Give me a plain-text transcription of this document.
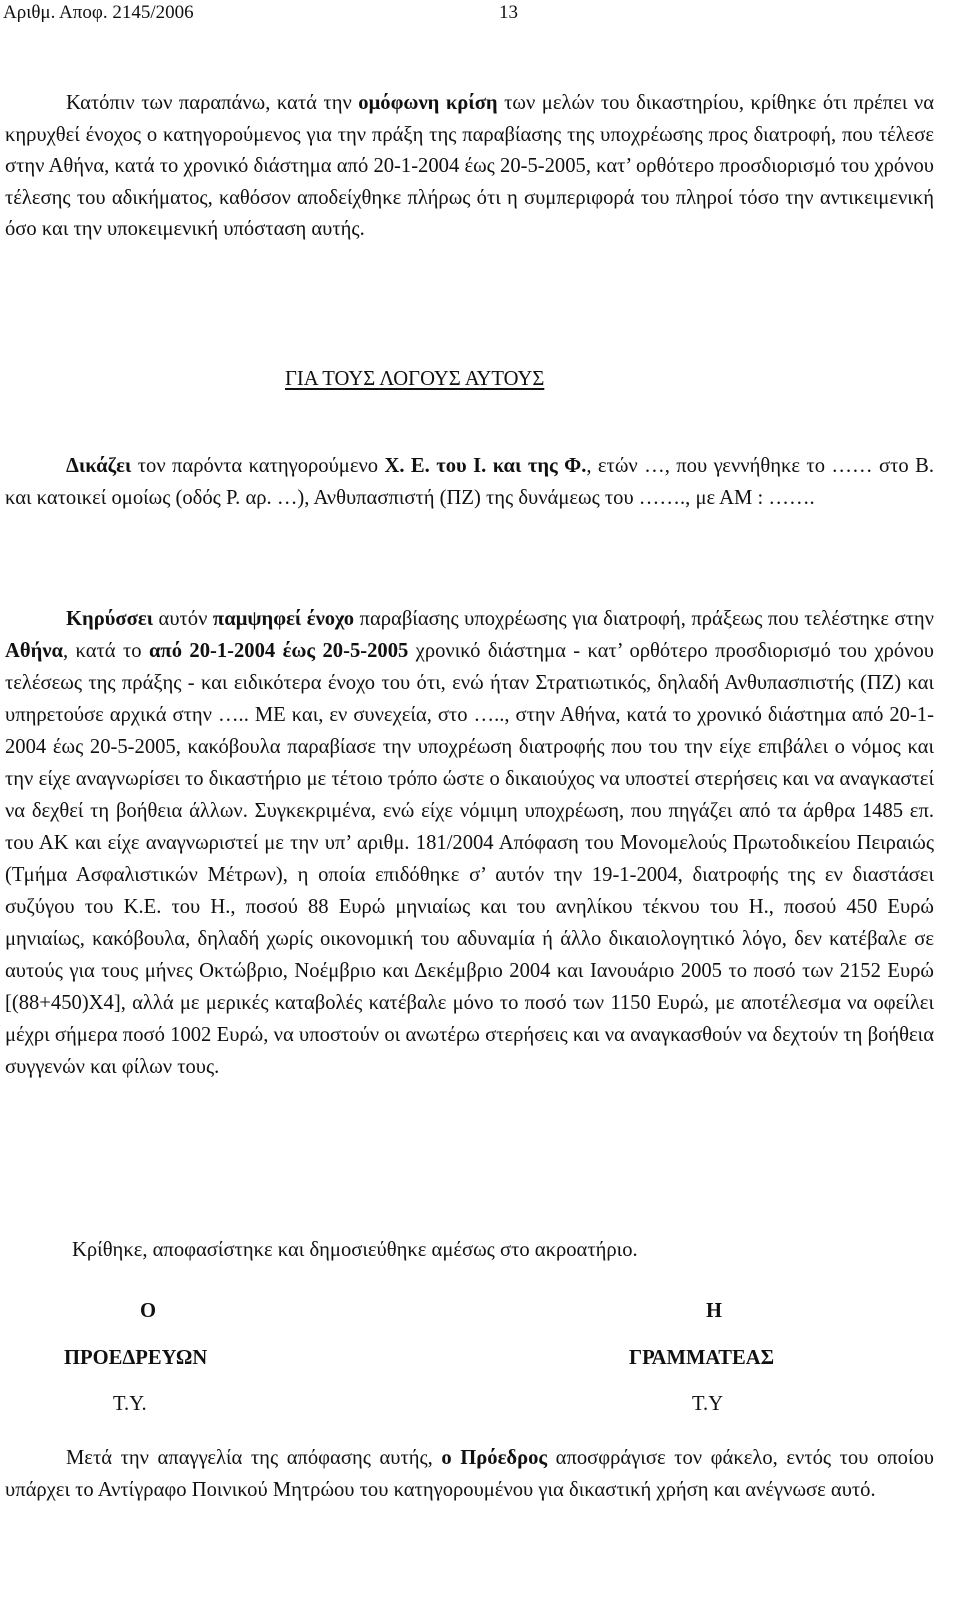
Αριθμ. Αποφ. 2145/2006	13

Κατόπιν των παραπάνω, κατά την ομόφωνη κρίση των μελών του δικαστηρίου, κρίθηκε ότι πρέπει να κηρυχθεί ένοχος ο κατηγορούμενος για την πράξη της παραβίασης της υποχρέωσης προς διατροφή, που τέλεσε στην Αθήνα, κατά το χρονικό διάστημα από 20-1-2004 έως 20-5-2005, κατ’ ορθότερο προσδιορισμό του χρόνου τέλεσης του αδικήματος, καθόσον αποδείχθηκε πλήρως ότι η συμπεριφορά του πληροί τόσο την αντικειμενική όσο και την υποκειμενική υπόσταση αυτής.

ΓΙΑ ΤΟΥΣ ΛΟΓΟΥΣ ΑΥΤΟΥΣ

Δικάζει τον παρόντα κατηγορούμενο Χ. Ε. του Ι. και της Φ., ετών …, που γεννήθηκε το …… στο Β. και κατοικεί ομοίως (οδός Ρ. αρ. …), Ανθυπασπιστή (ΠΖ) της δυνάμεως του ……., με ΑΜ : …….

Κηρύσσει αυτόν παμψηφεί ένοχο παραβίασης υποχρέωσης για διατροφή, πράξεως που τελέστηκε στην Αθήνα, κατά το από 20-1-2004 έως 20-5-2005 χρονικό διάστημα - κατ’ ορθότερο προσδιορισμό του χρόνου τελέσεως της πράξης - και ειδικότερα ένοχο του ότι, ενώ ήταν Στρατιωτικός, δηλαδή Ανθυπασπιστής (ΠΖ) και υπηρετούσε αρχικά στην ….. ΜΕ και, εν συνεχεία, στο ….., στην Αθήνα, κατά το χρονικό διάστημα από 20-1-2004 έως 20-5-2005, κακόβουλα παραβίασε την υποχρέωση διατροφής που του την είχε επιβάλει ο νόμος και την είχε αναγνωρίσει το δικαστήριο με τέτοιο τρόπο ώστε ο δικαιούχος να υποστεί στερήσεις και να αναγκαστεί να δεχθεί τη βοήθεια άλλων. Συγκεκριμένα, ενώ είχε νόμιμη υποχρέωση, που πηγάζει από τα άρθρα 1485 επ. του ΑΚ και είχε αναγνωριστεί με την υπ’ αριθμ. 181/2004 Απόφαση του Μονομελούς Πρωτοδικείου Πειραιώς (Τμήμα Ασφαλιστικών Μέτρων), η οποία επιδόθηκε σ’ αυτόν την 19-1-2004, διατροφής της εν διαστάσει συζύγου του Κ.Ε. του Η., ποσού 88 Ευρώ μηνιαίως και του ανηλίκου τέκνου του Η., ποσού 450 Ευρώ μηνιαίως, κακόβουλα, δηλαδή χωρίς οικονομική του αδυναμία ή άλλο δικαιολογητικό λόγο, δεν κατέβαλε σε αυτούς για τους μήνες Οκτώβριο, Νοέμβριο και Δεκέμβριο 2004 και Ιανουάριο 2005 το ποσό των 2152 Ευρώ [(88+450)Χ4], αλλά με μερικές καταβολές κατέβαλε μόνο το ποσό των 1150 Ευρώ, με αποτέλεσμα να οφείλει μέχρι σήμερα ποσό 1002 Ευρώ, να υποστούν οι ανωτέρω στερήσεις και να αναγκασθούν να δεχτούν τη βοήθεια συγγενών και φίλων τους.

Κρίθηκε, αποφασίστηκε και δημοσιεύθηκε αμέσως στο ακροατήριο.
Ο
ΠΡΟΕΔΡΕΥΩΝ
Τ.Υ.
Η
ΓΡΑΜΜΑΤΕΑΣ
Τ.Υ

Μετά την απαγγελία της απόφασης αυτής, ο Πρόεδρος αποσφράγισε τον φάκελο, εντός του οποίου υπάρχει το Αντίγραφο Ποινικού Μητρώου του κατηγορουμένου για δικαστική χρήση και ανέγνωσε αυτό.
